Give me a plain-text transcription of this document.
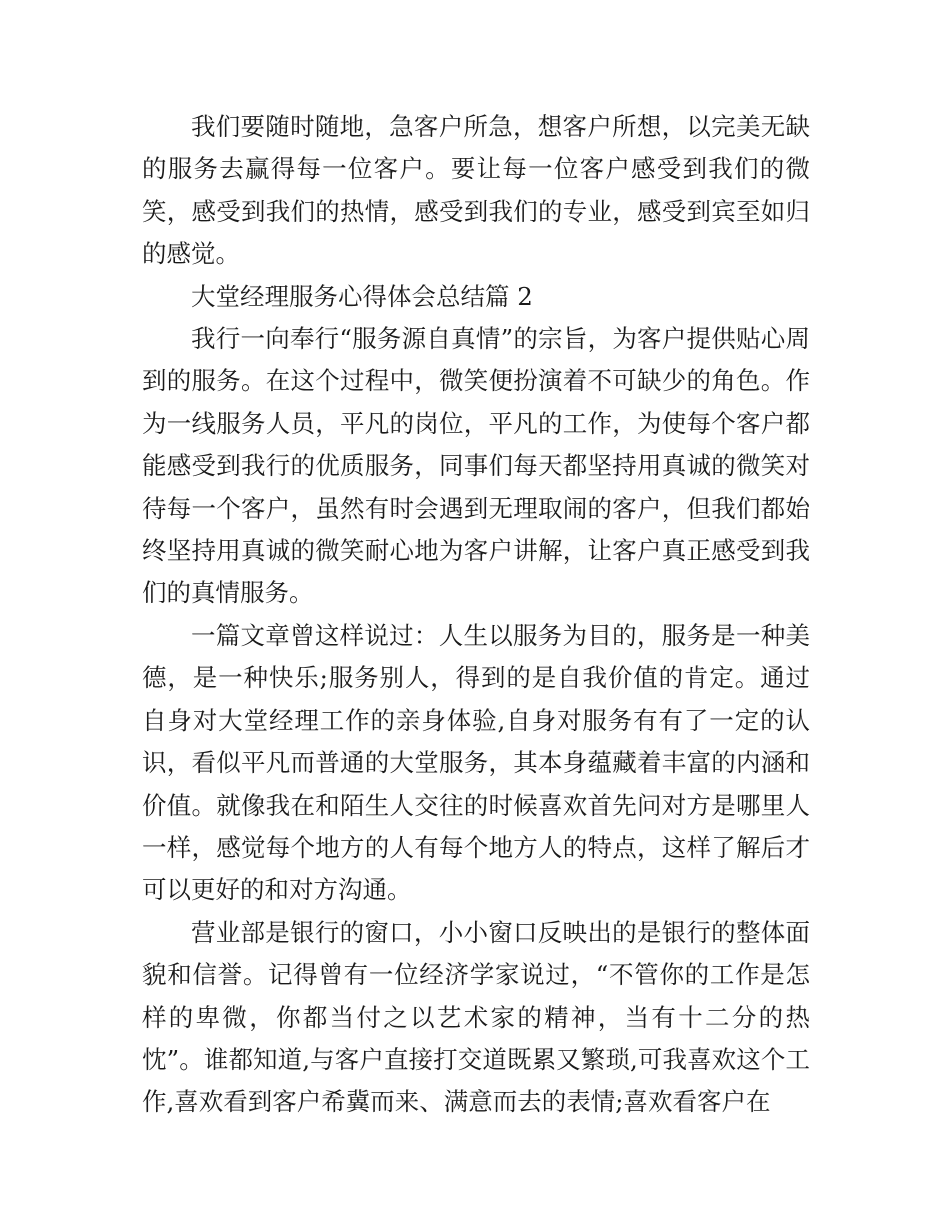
我们要随时随地，急客户所急，想客户所想，以完美无缺的服务去赢得每一位客户。要让每一位客户感受到我们的微笑，感受到我们的热情，感受到我们的专业，感受到宾至如归的感觉。

大堂经理服务心得体会总结篇 2

我行一向奉行“服务源自真情”的宗旨，为客户提供贴心周到的服务。在这个过程中，微笑便扮演着不可缺少的角色。作为一线服务人员，平凡的岗位，平凡的工作，为使每个客户都能感受到我行的优质服务，同事们每天都坚持用真诚的微笑对待每一个客户，虽然有时会遇到无理取闹的客户，但我们都始终坚持用真诚的微笑耐心地为客户讲解，让客户真正感受到我们的真情服务。

一篇文章曾这样说过：人生以服务为目的，服务是一种美德，是一种快乐;服务别人，得到的是自我价值的肯定。通过自身对大堂经理工作的亲身体验,自身对服务有有了一定的认识，看似平凡而普通的大堂服务，其本身蕴藏着丰富的内涵和价值。就像我在和陌生人交往的时候喜欢首先问对方是哪里人一样，感觉每个地方的人有每个地方人的特点，这样了解后才可以更好的和对方沟通。

营业部是银行的窗口，小小窗口反映出的是银行的整体面貌和信誉。记得曾有一位经济学家说过，“不管你的工作是怎样的卑微，你都当付之以艺术家的精神，当有十二分的热忱”。谁都知道,与客户直接打交道既累又繁琐,可我喜欢这个工作,喜欢看到客户希冀而来、满意而去的表情;喜欢看客户在
